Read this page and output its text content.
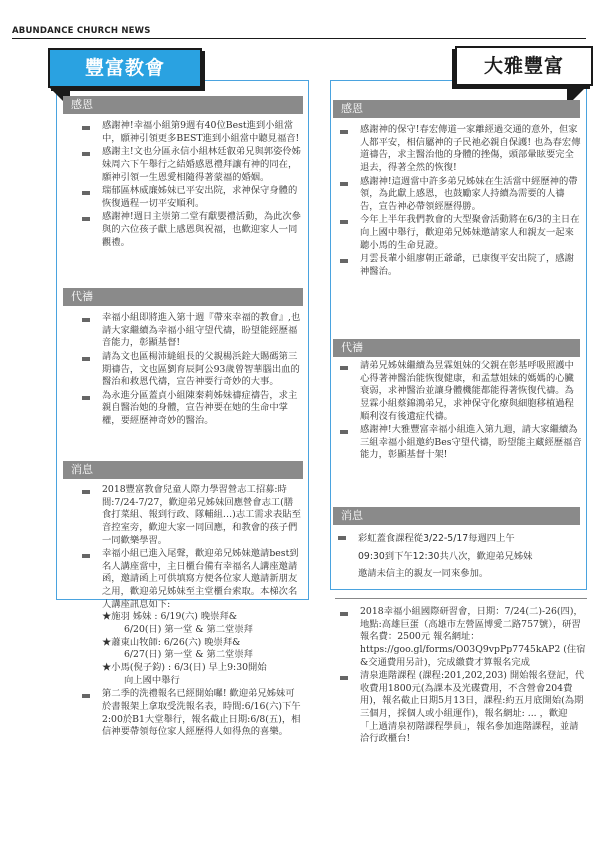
ABUNDANCE CHURCH NEWS
豐富教會
感恩
感謝神!幸福小組第9週有40位Best進到小組當中，願神引領更多BEST進到小組當中聽見福音!
感謝主!文也分區永信小組林廷叡弟兄與郭姿伶姊妹周六下午舉行之結婚感恩禮拜讓有神的同在，願神引領一生恩愛相隨得著蒙福的婚姻。
瑞郁區林威廉姊妹已平安出院，求神保守身體的恢復過程一切平安順利。
感謝神!週日主崇第二堂有獻嬰禮活動，為此次參與的六位孩子獻上感恩與祝福，也歡迎家人一同觀禮。
代禱
幸福小組即將進入第十週『帶來幸福的教會』,也請大家繼續為幸福小組守望代禱，盼望能經歷福音能力，彰顯基督!
請為文也區楊沛縫組長的父親楊浜銓大賜碼第三期禱告，文也區劉育辰阿公93歲曾智華腦出血的醫治和救恩代禱，宣告神要行奇妙的大事。
為永進分區蓋貞小組陳秦莉姊妹禱症禱告，求主親自醫治她的身體，宣告神要在她的生命中掌權，要經歷神奇妙的醫治。
消息
2018豐富教會兒童人際力學習營志工招募:時間:7/24-7/27，歡迎弟兄姊妹回應營會志工(膳食打菜組、報到行政、隊輔組…)志工需求表貼至音控室旁，歡迎大家一同回應，和教會的孩子們一同歡樂學習。
幸福小組已進入尾聲，歡迎弟兄姊妹邀請best到名人講座當中，主日櫃台備有幸福名人講座邀請函，邀請函上可供填寫方便各位家人邀請新朋友之用，歡迎弟兄姊妹至主堂櫃台索取。本梯次名人講座訊息如下:
★施羽 姊妹 : 6/19(六) 晚崇拜&
6/20(日) 第一堂 & 第二堂崇拜
★蕭東山牧師: 6/26(六) 晚崇拜&
6/27(日) 第一堂 & 第二堂崇拜
★小馬(倪子鈞) : 6/3(日) 早上9:30開始
向上國中舉行
第二季的洗禮報名已經開始囉! 歡迎弟兄姊妹可於書報架上拿取受洗報名表，時間:6/16(六)下午2:00於B1大堂舉行，報名截止日期:6/8(五)，相信神要帶領每位家人經歷得人如得魚的喜樂。
大雅豐富
感恩
感謝神的保守!春宏傳道一家離經過交通的意外，但家人都平安，相信屬神的子民祂必親自保護! 也為春宏傳道禱告，求主醫治他的身體的挫傷，頭部暈眩要完全退去，得著全然的恢復!
感謝神!這週當中許多弟兄姊妹在生活當中經歷神的帶領，為此獻上感恩，也鼓勵家人持續為需要的人禱告，宣告神必帶領經歷得勝。
今年上半年我們教會的大型聚會活動將在6/3的主日在向上國中舉行，歡迎弟兄姊妹邀請家人和親友一起來聽小馬的生命見證。
月雲長輩小組廖朝正爺爺，已康復平安出院了，感謝神醫治。
代禱
請弟兄姊妹繼續為昱霖姐妹的父親在彰基呼吸照護中心得著神醫治能恢復健康，和孟慧姐妹的媽媽的心臟衰弱，求神醫治並讓身體機能都能得著恢復代禱。為昱霖小組蔡錦鴻弟兄，求神保守化療與細胞移植過程順利沒有後遺症代禱。
感謝神!大雅豐富幸福小組進入第九週，請大家繼續為三組幸福小組邀約Bes守望代禱，盼望能主藏經歷福音能力，彰顯基督十架!
消息
彩虹蓋食課程從3/22-5/17每週四上午
09:30到下午12:30共八次，歡迎弟兄姊妹
邀請未信主的親友一同來參加。
2018幸福小組國際研習會，日期：7/24(二)-26(四)，地點:高雄巨蛋（高雄市左營區博愛二路757號），研習報名費：2500元 報名網址：https://goo.gl/forms/O03Q9vpPp7745kAP2 (住宿&交通費用另計)，完成繳費才算報名完成
清泉進階課程 (課程:201,202,203) 開始報名登記，代收費用1800元(為課本及光碟費用，不含營會204費用)，報名截止日期5月13日，課程:約五月底開始(為期三個月，採個人或小組運作)，報名網址: ... ，歡迎「上過清泉初階課程學員」，報名參加進階課程，並請洽行政櫃台!
